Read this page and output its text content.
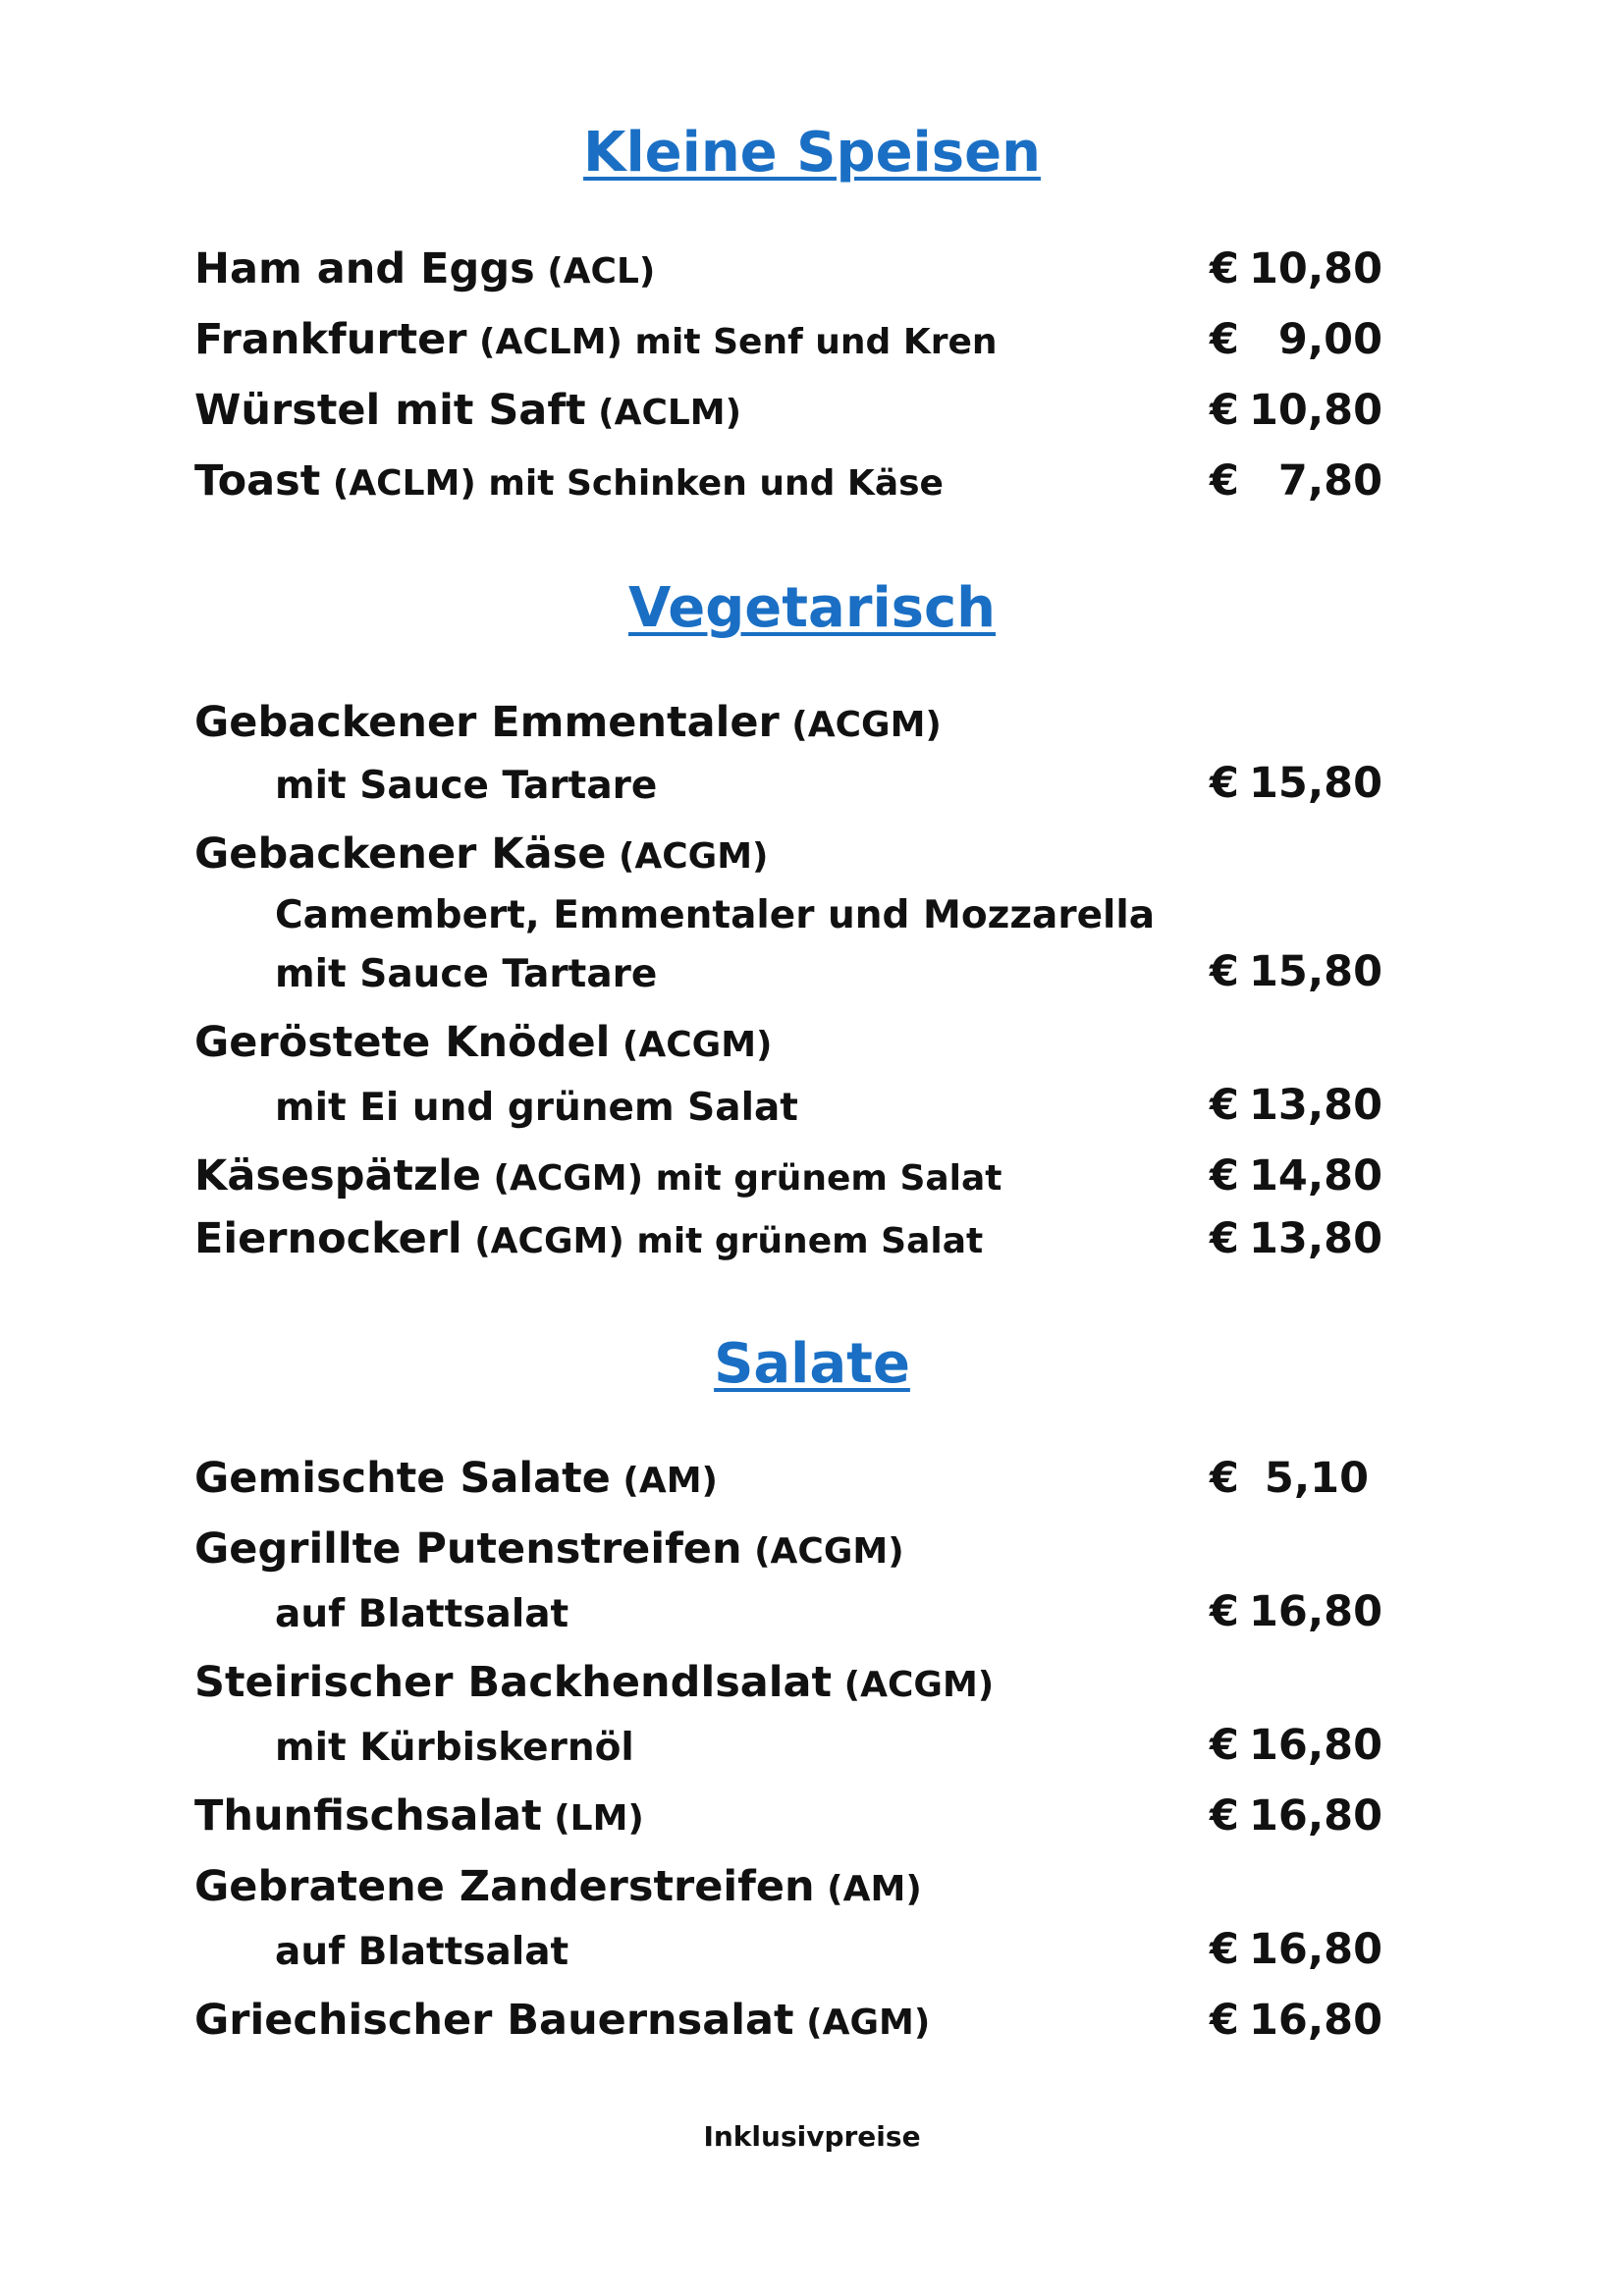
Kleine Speisen
Vegetarisch
Salate
Ham and Eggs (ACL)	€ 10,80
Frankfurter (ACLM) mit Senf und Kren	€ 9,00
Würstel mit Saft (ACLM)	€ 10,80
Toast (ACLM) mit Schinken und Käse	€ 7,80
Gebackener Emmentaler (ACGM)
mit Sauce Tartare	€ 15,80
Gebackener Käse (ACGM)
Camembert, Emmentaler und Mozzarella
mit Sauce Tartare	€ 15,80
Geröstete Knödel (ACGM)
mit Ei und grünem Salat	€ 13,80
Käsespätzle (ACGM) mit grünem Salat	€ 14,80
Eiernockerl (ACGM) mit grünem Salat	€ 13,80
Gemischte Salate (AM)	€ 5,10
Gegrillte Putenstreifen (ACGM)
auf Blattsalat	€ 16,80
Steirischer Backhendlsalat (ACGM)
mit Kürbiskernöl	€ 16,80
Thunfischsalat (LM)	€ 16,80
Gebratene Zanderstreifen (AM)
auf Blattsalat	€ 16,80
Griechischer Bauernsalat (AGM)	€ 16,80
Inklusivpreise
